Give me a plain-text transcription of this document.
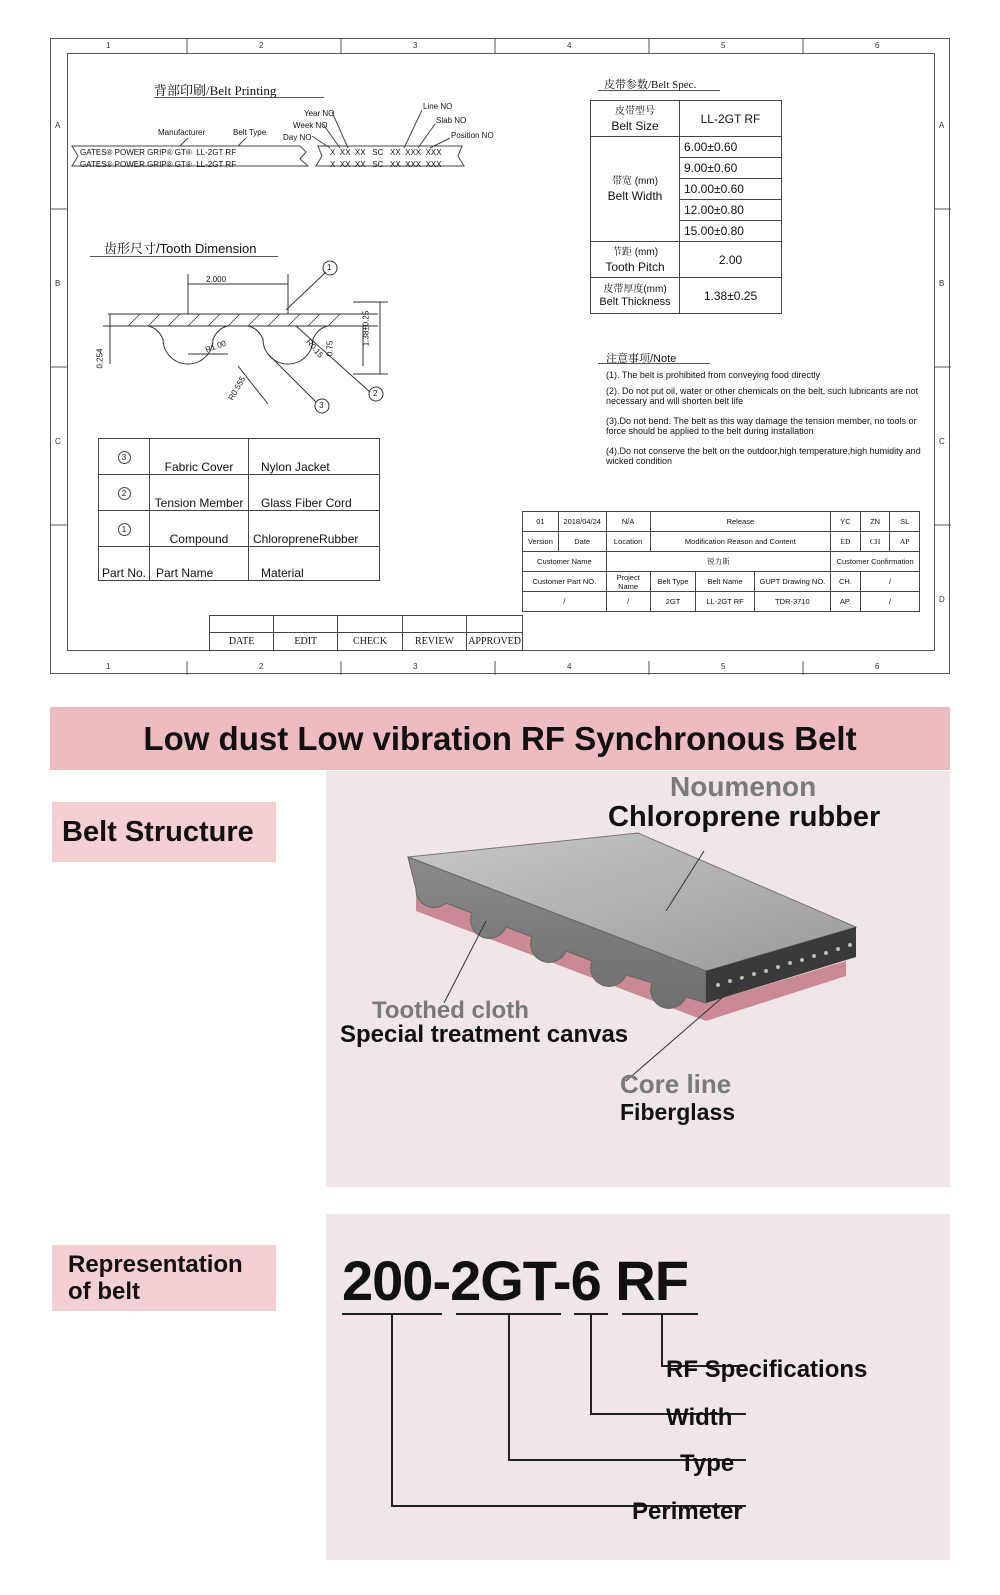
1	2	3	4	5	6
1	2	3	4	5	6
A
B
C
A
B
C
D
背部印刷/Belt Printing
Manufacturer	Belt Type
Year NO
Week NO
Day NO
Line NO
Slab NO
Position NO
GATES® POWER GRIP® GT®  LL-2GT RF
GATES® POWER GRIP® GT®  LL-2GT RF
X  XX  XX   SC   XX  XXX  XXX
X  XX  XX   SC   XX  XXX  XXX
齿形尺寸/Tooth Dimension
2.000
R1.00
R0.555
R0.15 0.75
1.38±0.25
0.254
1
2
3
皮带参数/Belt Spec.
皮带型号
Belt Size	LL-2GT RF

带宽 (mm)
Belt Width	6.00±0.60
	9.00±0.60
	10.00±0.60
	12.00±0.80
	15.00±0.80

节距 (mm)
Tooth Pitch	2.00

皮带厚度(mm)
Belt Thickness	1.38±0.25
注意事项/Note
(1). The belt is prohibited from conveying food directly
(2). Do not put oil, water or other chemicals on the belt, such lubricants are not necessary and will shorten belt life
(3).Do not bend. The belt as this way damage the tension member, no tools or force should be applied to the belt during installation
(4).Do not conserve the belt on the outdoor,high temperature,high humidity and wicked condition
3	Fabric Cover	Nylon Jacket
2	Tension Member	Glass Fiber Cord
1	Compound	ChloropreneRubber
Part No.	Part Name	Material

DATE	EDIT	CHECK	REVIEW	APPROVED
01	2018/04/24	N/A	Release			YC	ZN	SL
Version	Date	Location	Modification Reason and Content			ED	CH	AP
Customer Name		锐力斯				Customer Confirmation		
Customer Part NO.		Project Name	Belt Type	Belt Name	GUPT Drawing NO.	CH.	/	
/		/	2GT	LL-2GT RF	TDR-3710	AP.	/	
Low dust Low vibration RF Synchronous Belt
Belt Structure
Noumenon
Chloroprene rubber
Toothed cloth
Special treatment canvas
Core line
Fiberglass
Representation
of belt	200-2GT-6 RF
RF Specifications
Width
Type
Perimeter
